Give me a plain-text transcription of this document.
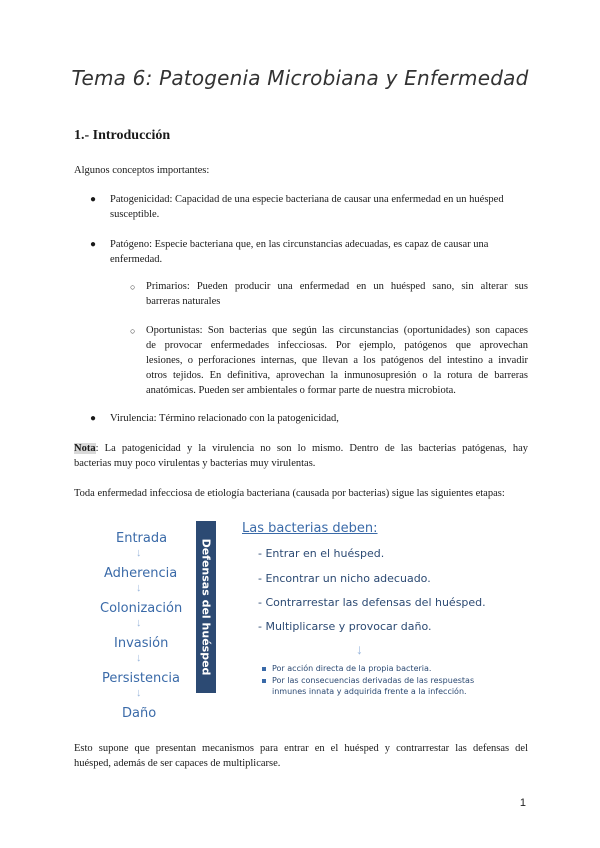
Tema 6: Patogenia Microbiana y Enfermedad
1.- Introducción
Algunos conceptos importantes:
● Patogenicidad: Capacidad de una especie bacteriana de causar una enfermedad en un huésped
susceptible.
● Patógeno: Especie bacteriana que, en las circunstancias adecuadas, es capaz de causar una
enfermedad.
○ Primarios: Pueden producir una enfermedad en un huésped sano, sin alterar sus
barreras naturales
○ Oportunistas: Son bacterias que según las circunstancias (oportunidades) son capaces
de provocar enfermedades infecciosas. Por ejemplo, patógenos que aprovechan
lesiones, o perforaciones internas, que llevan a los patógenos del intestino a invadir
otros tejidos. En definitiva, aprovechan la inmunosupresión o la rotura de barreras
anatómicas. Pueden ser ambientales o formar parte de nuestra microbiota.
● Virulencia: Término relacionado con la patogenicidad,
Nota: La patogenicidad y la virulencia no son lo mismo. Dentro de las bacterias patógenas, hay
bacterias muy poco virulentas y bacterias muy virulentas.
Toda enfermedad infecciosa de etiología bacteriana (causada por bacterias) sigue las siguientes etapas:
Entrada
↓
Adherencia
↓
Colonización
↓
Invasión
↓
Persistencia
↓
Daño
Defensas del huésped
Las bacterias deben:
- Entrar en el huésped.
- Encontrar un nicho adecuado.
- Contrarrestar las defensas del huésped.
- Multiplicarse y provocar daño.
↓
Por acción directa de la propia bacteria.
Por las consecuencias derivadas de las respuestas
inmunes innata y adquirida frente a la infección.
Esto supone que presentan mecanismos para entrar en el huésped y contrarrestar las defensas del
huésped, además de ser capaces de multiplicarse.
1
